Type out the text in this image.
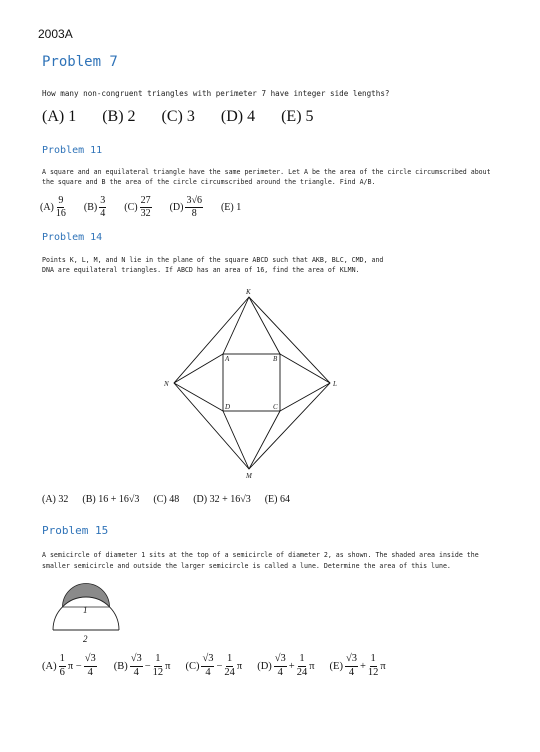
2003A
Problem 7
How many non-congruent triangles with perimeter 7 have integer side lengths?
(A) 1 (B) 2 (C) 3 (D) 4 (E) 5
Problem 11
A square and an equilateral triangle have the same perimeter. Let A be the area of the circle circumscribed about
the square and B the area of the circle circumscribed around the triangle. Find A/B.
$(A) \frac{9}{16} (B) \frac{3}{4} (C) \frac{27}{32} (D) \frac{3√6}{8} (E)$ 1
Problem 14
Points K, L, M, and N lie in the plane of the square ABCD such that AKB, BLC, CMD, and
DNA are equilateral triangles. If ABCD has an area of 16, find the area of KLMN.
K
L
M
N
A	B
C
D
(A) 32 (B) 16 + 16√3 (C) 48 (D) 32 + 16√3 (E) 64
Problem 15
A semicircle of diameter 1 sits at the top of a semicircle of diameter 2, as shown. The shaded area inside the
smaller semicircle and outside the larger semicircle is called a lune. Determine the area of this lune.
1
2
$(A) \frac{1}{6}$ $\pi - \frac{√3}{4} (B) \frac{√3}{4} - \frac{1}{12}$ π $(C) \frac{√3}{4} - \frac{1}{24}$ π $(D) \frac{√3}{4} + \frac{1}{24}$ π $(E) \frac{√3}{4} + \frac{1}{12}$ π
